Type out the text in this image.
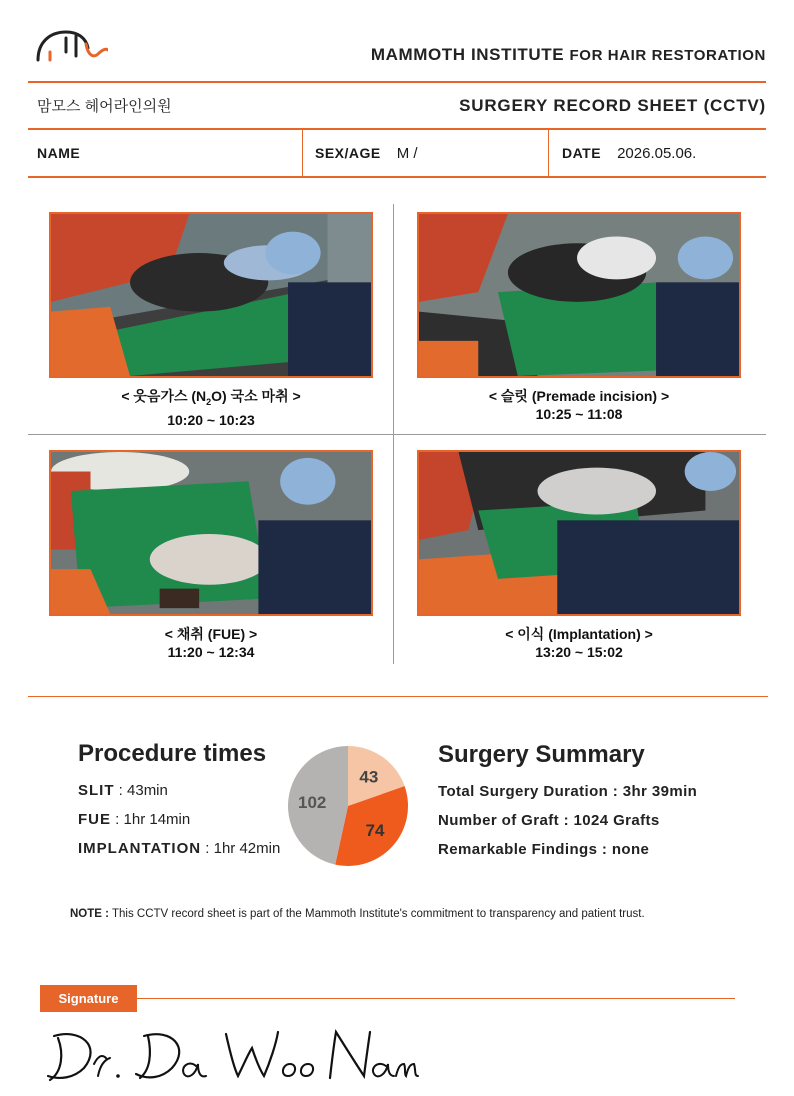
MAMMOTH INSTITUTE FOR HAIR RESTORATION
맘모스 헤어라인의원	SURGERY RECORD SHEET (CCTV)
NAME	SEX/AGE M /	DATE 2026.05.06.
< 웃음가스 $(N_2O)$ 국소 마취 >
10:20 ~ 10:23
< 슬릿 (Premade incision) >
10:25 ~ 11:08
< 채취 (FUE) >
11:20 ~ 12:34
< 이식 (Implantation) >
13:20 ~ 15:02
Procedure times
SLIT : 43min
FUE : 1hr 14min
IMPLANTATION : 1hr 42min
43
74
102
Surgery Summary
Total Surgery Duration : 3hr 39min
Number of Graft : 1024 Grafts
Remarkable Findings : none
NOTE : This CCTV record sheet is part of the Mammoth Institute's commitment to transparency and patient trust.
Signature
